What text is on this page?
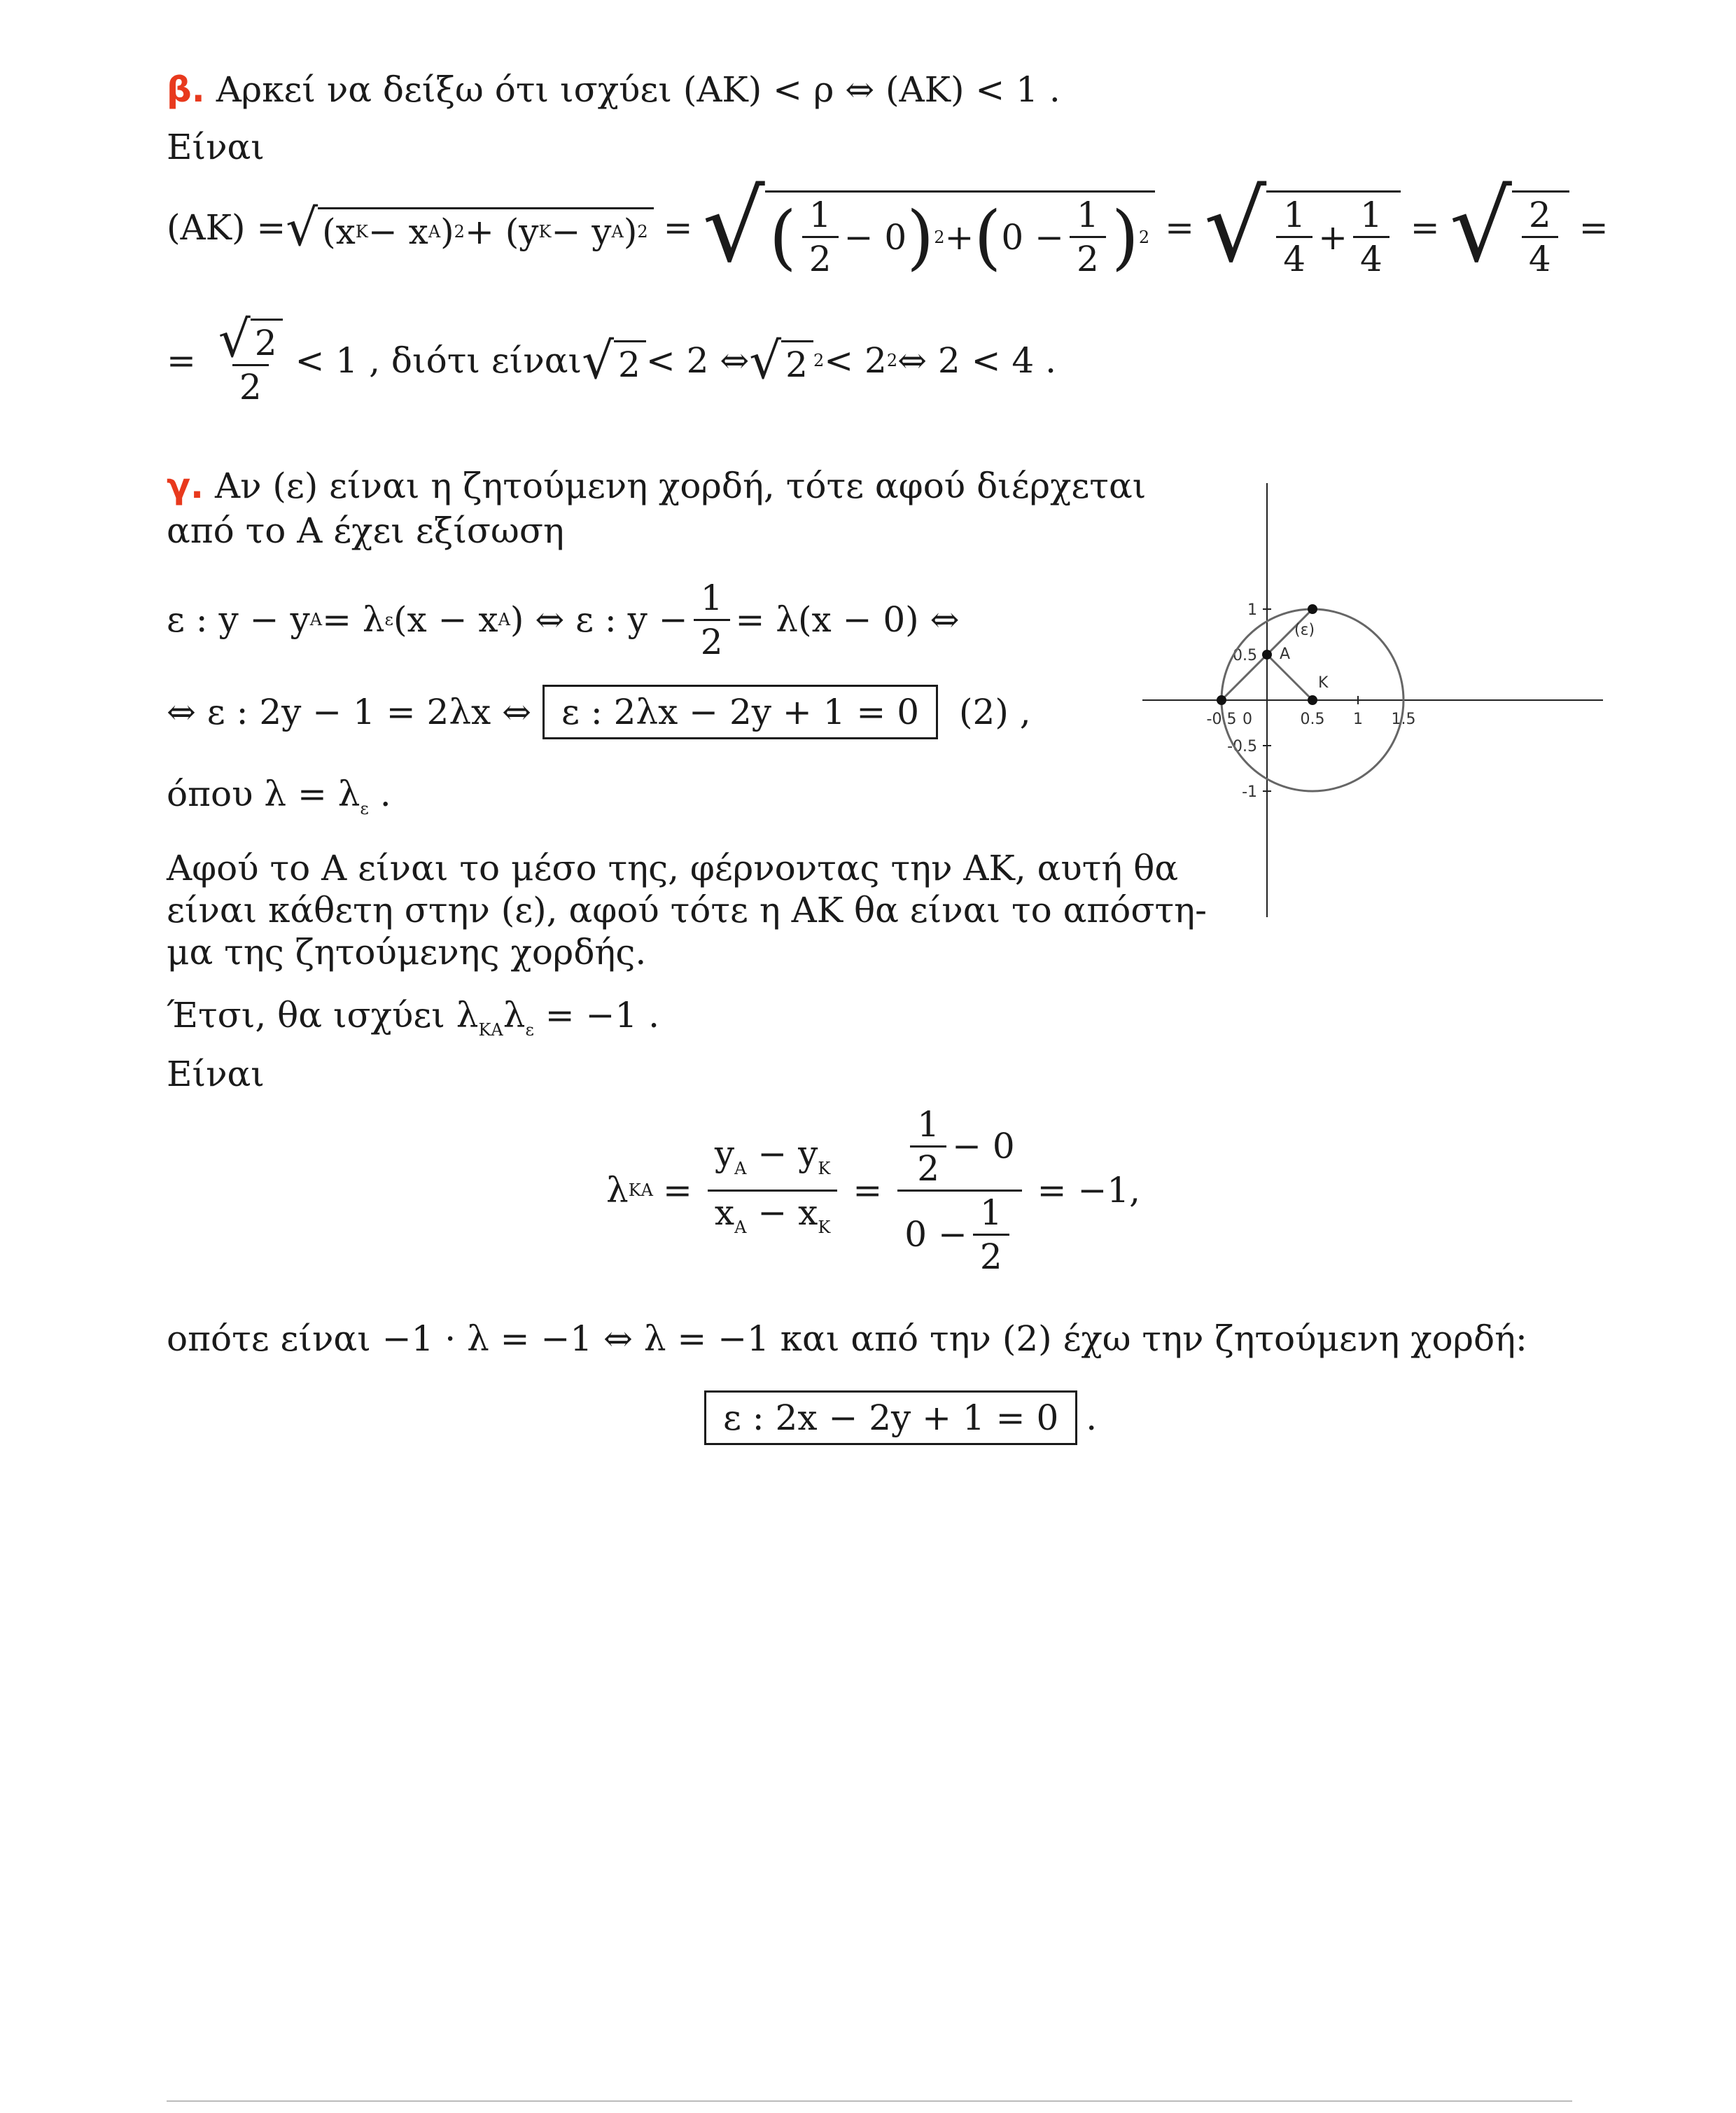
β. Αρκεί να δείξω ότι ισχύει (ΑΚ) < ρ ⇔ (ΑΚ) < 1 .
Είναι
(ΑΚ) = √ (x K − x A ) 2 + (y K − y A ) 2 = √ ( $\frac{1}{2} - 0$ ) 2 + ( $0 - \frac{1}{2}$ ) 2 = √ $\frac{1}{4} + \frac{1}{4}$ = √ $\frac{2}{4}$ =
= $\frac{√ 2}{2} < 1$ , διότι είναι √ 2 < 2 ⇔ √ 2 2 < 2 2 ⇔ 2 < 4 .
γ. Αν (ε) είναι η ζητούμενη χορδή, τότε αφού διέρχεται
από το Α έχει εξίσωση
ε : y − y A = λ ε (x − x A ) ⇔ ε : $y - \frac{1}{2} = \lambda(x - 0)$ ⇔
⇔ ε : 2y − 1 = 2λx ⇔ ε : 2λx − 2y + 1 = 0	(2) ,
όπου $\lambda = \lambda_\varepsilon$ .
Αφού το Α είναι το μέσο της, φέρνοντας την ΑΚ, αυτή θα
είναι κάθετη στην (ε), αφού τότε η ΑΚ θα είναι το απόστη-
μα της ζητούμενης χορδής.
Έτσι, θα ισχύει $\lambda_{KA}\lambda_\varepsilon = -1$ .
Είναι
λ $KA = \frac{y_A - y_K}{x_A - x_K} = \frac{\frac{1}{2} - 0}{0 - \frac{1}{2}} = -1$,
οπότε είναι −1 · λ = −1 ⇔ λ = −1 και από την (2) έχω την ζητούμενη χορδή:
ε : 2x − 2y + 1 = 0 .
-0.5 0	0.5 1 1.5
1
0.5
-0.5
-1
A
K
(ε)
